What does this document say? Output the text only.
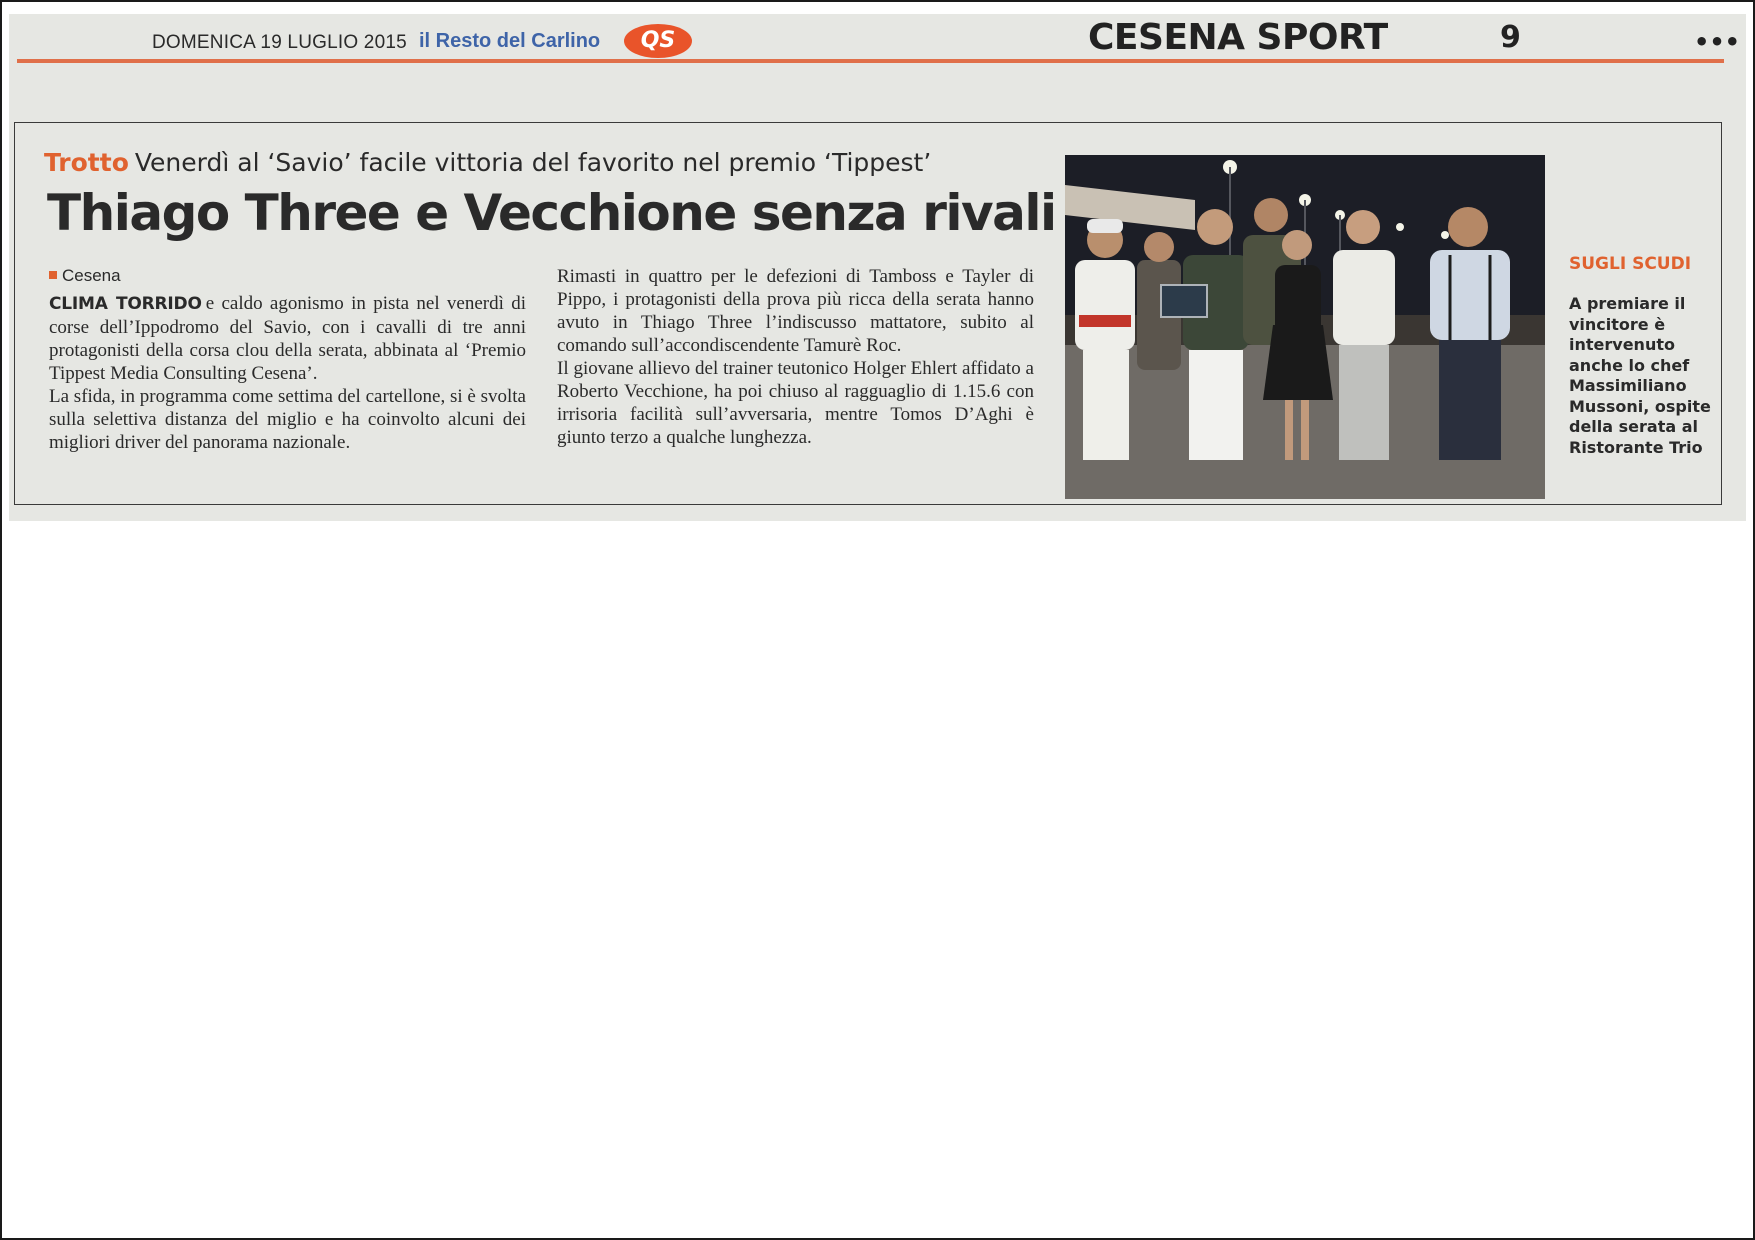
DOMENICA 19 LUGLIO 2015 il Resto del Carlino	QS	CESENA SPORT	9	•••
Trotto Venerdì al ‘Savio’ facile vittoria del favorito nel premio ‘Tippest’
Thiago Three e Vecchione senza rivali
Cesena

CLIMA TORRIDO e caldo agonismo in pista nel venerdì di corse dell’Ippodromo del Savio, con i cavalli di tre anni protagonisti della corsa clou della serata, abbinata al ‘Premio Tippest Media Consulting Cesena’.

La sfida, in programma come settima del cartellone, si è svolta sulla selettiva distanza del miglio e ha coinvolto alcuni dei migliori driver del panorama nazionale.

Rimasti in quattro per le defezioni di Tamboss e Tayler di Pippo, i protagonisti della prova più ricca della serata hanno avuto in Thiago Three l’indiscusso mattatore, subito al comando sull’accondiscendente Tamurè Roc.

Il giovane allievo del trainer teutonico Holger Ehlert affidato a Roberto Vecchione, ha poi chiuso al ragguaglio di 1.15.6 con irrisoria facilità sull’avversaria, mentre Tomos D’Aghi è giunto terzo a qualche lunghezza.

SUGLI SCUDI
A premiare il vincitore è intervenuto anche lo chef Massimiliano Mussoni, ospite della serata al Ristorante Trio
